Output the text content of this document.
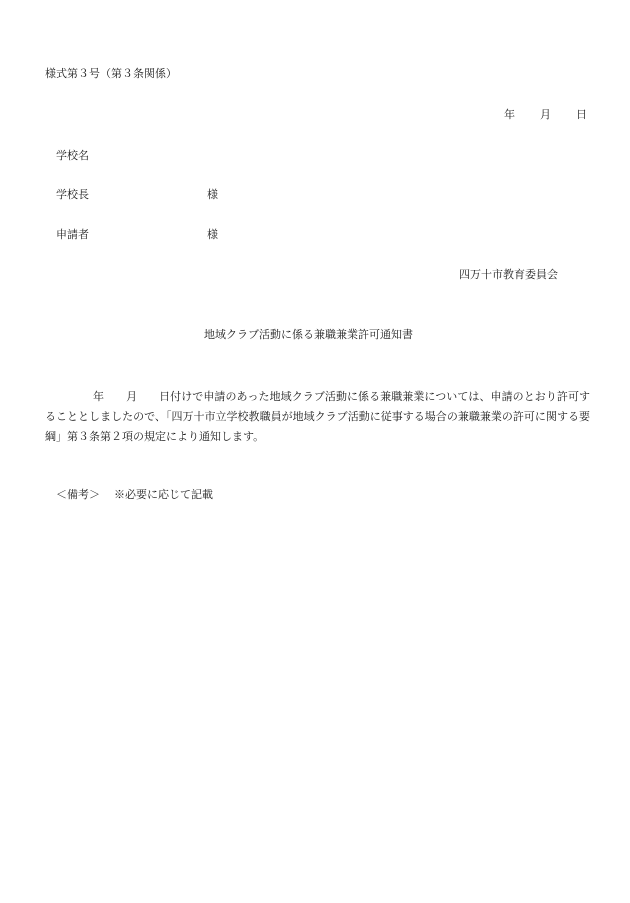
様式第３号（第３条関係）
年 月 日
学校名
学校長	様
申請者	様
四万十市教育委員会
地域クラブ活動に係る兼職兼業許可通知書
年 月 日付けで申請のあった地域クラブ活動に係る兼職兼業については、申請のとおり許可することとしましたので、「四万十市立学校教職員が地域クラブ活動に従事する場合の兼職兼業の許可に関する要綱」第３条第２項の規定により通知します。
＜備考＞ ※必要に応じて記載
